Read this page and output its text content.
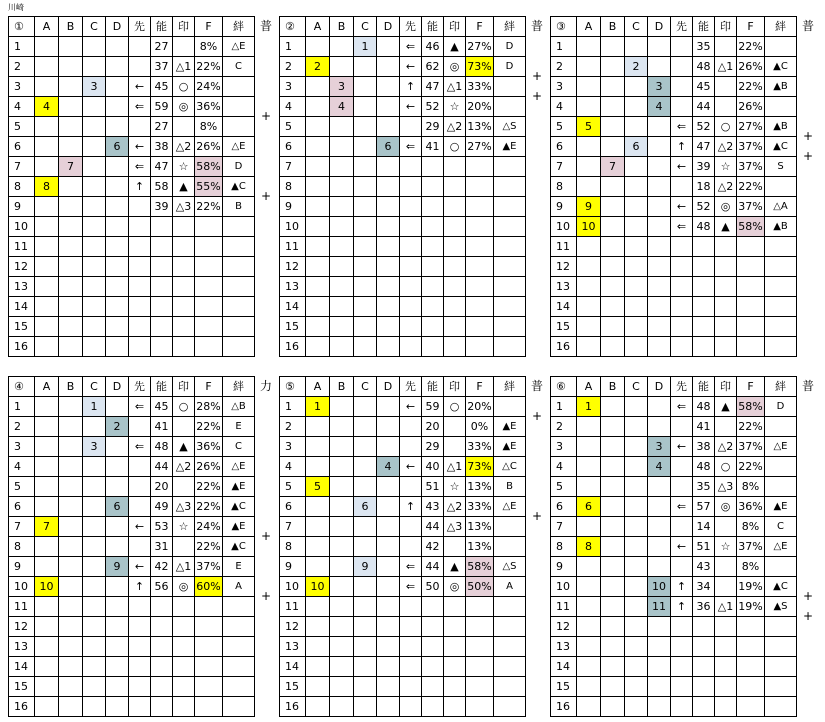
川崎
+
+
①	A	B	C	D	先	能	印	F	絆
1						27		8%	△E
2						37	△1	22%	C
3			3		←	45	○	24%	
4	4				⇐	59	◎	36%	
5						27		8%	
6				6	←	38	△2	26%	△E
7		7			⇐	47	☆	58%	D
8	8				↑	58	▲	55%	▲C
9						39	△3	22%	B
10									
11									
12									
13									
14									
15									
16									
普
+
+
②	A	B	C	D	先	能	印	F	絆
1			1		⇐	46	▲	27%	D
2	2				←	62	◎	73%	D
3		3			↑	47	△1	33%	
4		4			←	52	☆	20%	
5						29	△2	13%	△S
6				6	⇐	41	○	27%	▲E
7									
8									
9									
10									
11									
12									
13									
14									
15									
16									
普
+
+
③	A	B	C	D	先	能	印	F	絆
1						35		22%	
2			2			48	△1	26%	▲C
3				3		45		22%	▲B
4				4		44		26%	
5	5				⇐	52	○	27%	▲B
6			6		↑	47	△2	37%	▲C
7		7			←	39	☆	37%	S
8						18	△2	22%	
9	9				←	52	◎	37%	△A
10	10				⇐	48	▲	58%	▲B
11									
12									
13									
14									
15									
16									
普
+
+
④	A	B	C	D	先	能	印	F	絆
1			1		⇐	45	○	28%	△B
2				2		41		22%	E
3			3		⇐	48	▲	36%	C
4						44	△2	26%	△E
5						20		22%	▲E
6				6		49	△3	22%	▲C
7	7				←	53	☆	24%	▲E
8						31		22%	▲C
9				9	←	42	△1	37%	E
10	10				↑	56	◎	60%	A
11									
12									
13									
14									
15									
16									
力
+
+
⑤	A	B	C	D	先	能	印	F	絆
1	1				←	59	○	20%	
2						20		0%	▲E
3						29		33%	▲E
4				4	←	40	△1	73%	△C
5	5					51	☆	13%	B
6			6		↑	43	△2	33%	△E
7						44	△3	13%	
8						42		13%	
9			9		⇐	44	▲	58%	△S
10	10				⇐	50	◎	50%	A
11									
12									
13									
14									
15									
16									
普
+
+
⑥	A	B	C	D	先	能	印	F	絆
1	1				⇐	48	▲	58%	D
2						41		22%	
3				3	←	38	△2	37%	△E
4				4		48	○	22%	
5						35	△3	8%	
6	6				⇐	57	◎	36%	▲E
7						14		8%	C
8	8				←	51	☆	37%	△E
9						43		8%	
10				10	↑	34		19%	▲C
11				11	↑	36	△1	19%	▲S
12									
13									
14									
15									
16									
普
